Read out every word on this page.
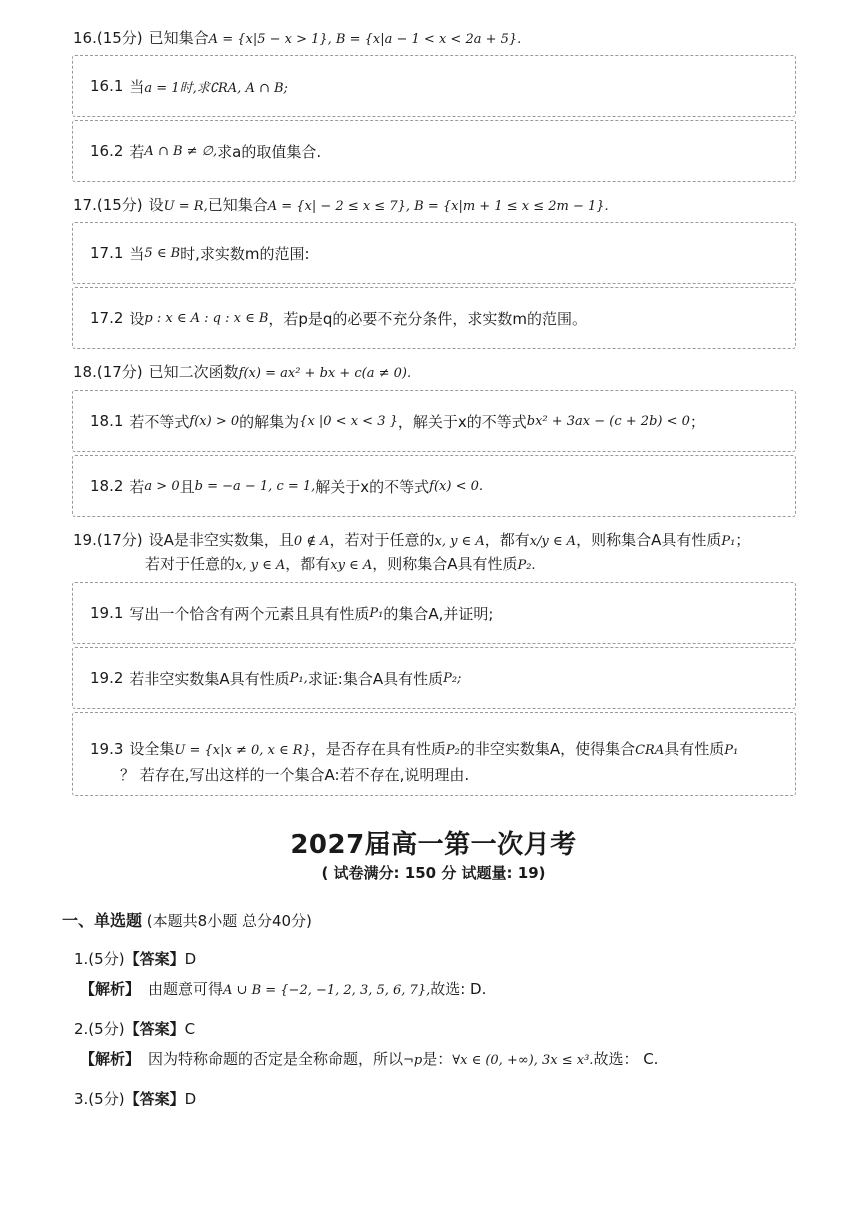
16.(15分) 已知集合A = {x|5 − x > 1}, B = {x|a − 1 < x < 2a + 5}.
16.1 当 a = 1时,求∁RA, A ∩ B;
16.2 若 A ∩ B ≠ ∅, 求a的取值集合.
17.(15分) 设U = R,已知集合A = {x| − 2 ≤ x ≤ 7}, B = {x|m + 1 ≤ x ≤ 2m − 1}.
17.1 当 5 ∈ B 时,求实数m的范围:
17.2 设 p : x ∈ A : q : x ∈ B ，若p是q的必要不充分条件，求实数m的范围。
18.(17分) 已知二次函数f(x) = ax² + bx + c(a ≠ 0).
18.1 若不等式 f(x) > 0 的解集为 {x |0 < x < 3 } ，解关于x的不等式 bx² + 3ax − (c + 2b) < 0 ；
18.2 若 a > 0 且 b = −a − 1, c = 1, 解关于x的不等式 f(x) < 0.
19.(17分) 设A是非空实数集，且0 ∉ A，若对于任意的x, y ∈ A，都有x/y ∈ A，则称集合A具有性质P₁；
若对于任意的x, y ∈ A，都有xy ∈ A，则称集合A具有性质P₂.
19.1 写出一个恰含有两个元素且具有性质 P₁ 的集合A,并证明;
19.2 若非空实数集A具有性质 P₁, 求证:集合A具有性质 P₂;
19.3 设全集U = {x|x ≠ 0, x ∈ R}，是否存在具有性质P₂的非空实数集A，使得集合CRA具有性质P₁
？ 若存在,写出这样的一个集合A:若不存在,说明理由.
2027届高一第一次月考
( 试卷满分: 150 分 试题量: 19)
一、单选题 (本题共8小题 总分40分)
1.(5分)【答案】D
【解析】 由题意可得A ∪ B = {−2, −1, 2, 3, 5, 6, 7},故选: D.
2.(5分)【答案】C
【解析】 因为特称命题的否定是全称命题，所以¬p是：∀x ∈ (0, +∞), 3x ≤ x³.故选： C.
3.(5分)【答案】D
